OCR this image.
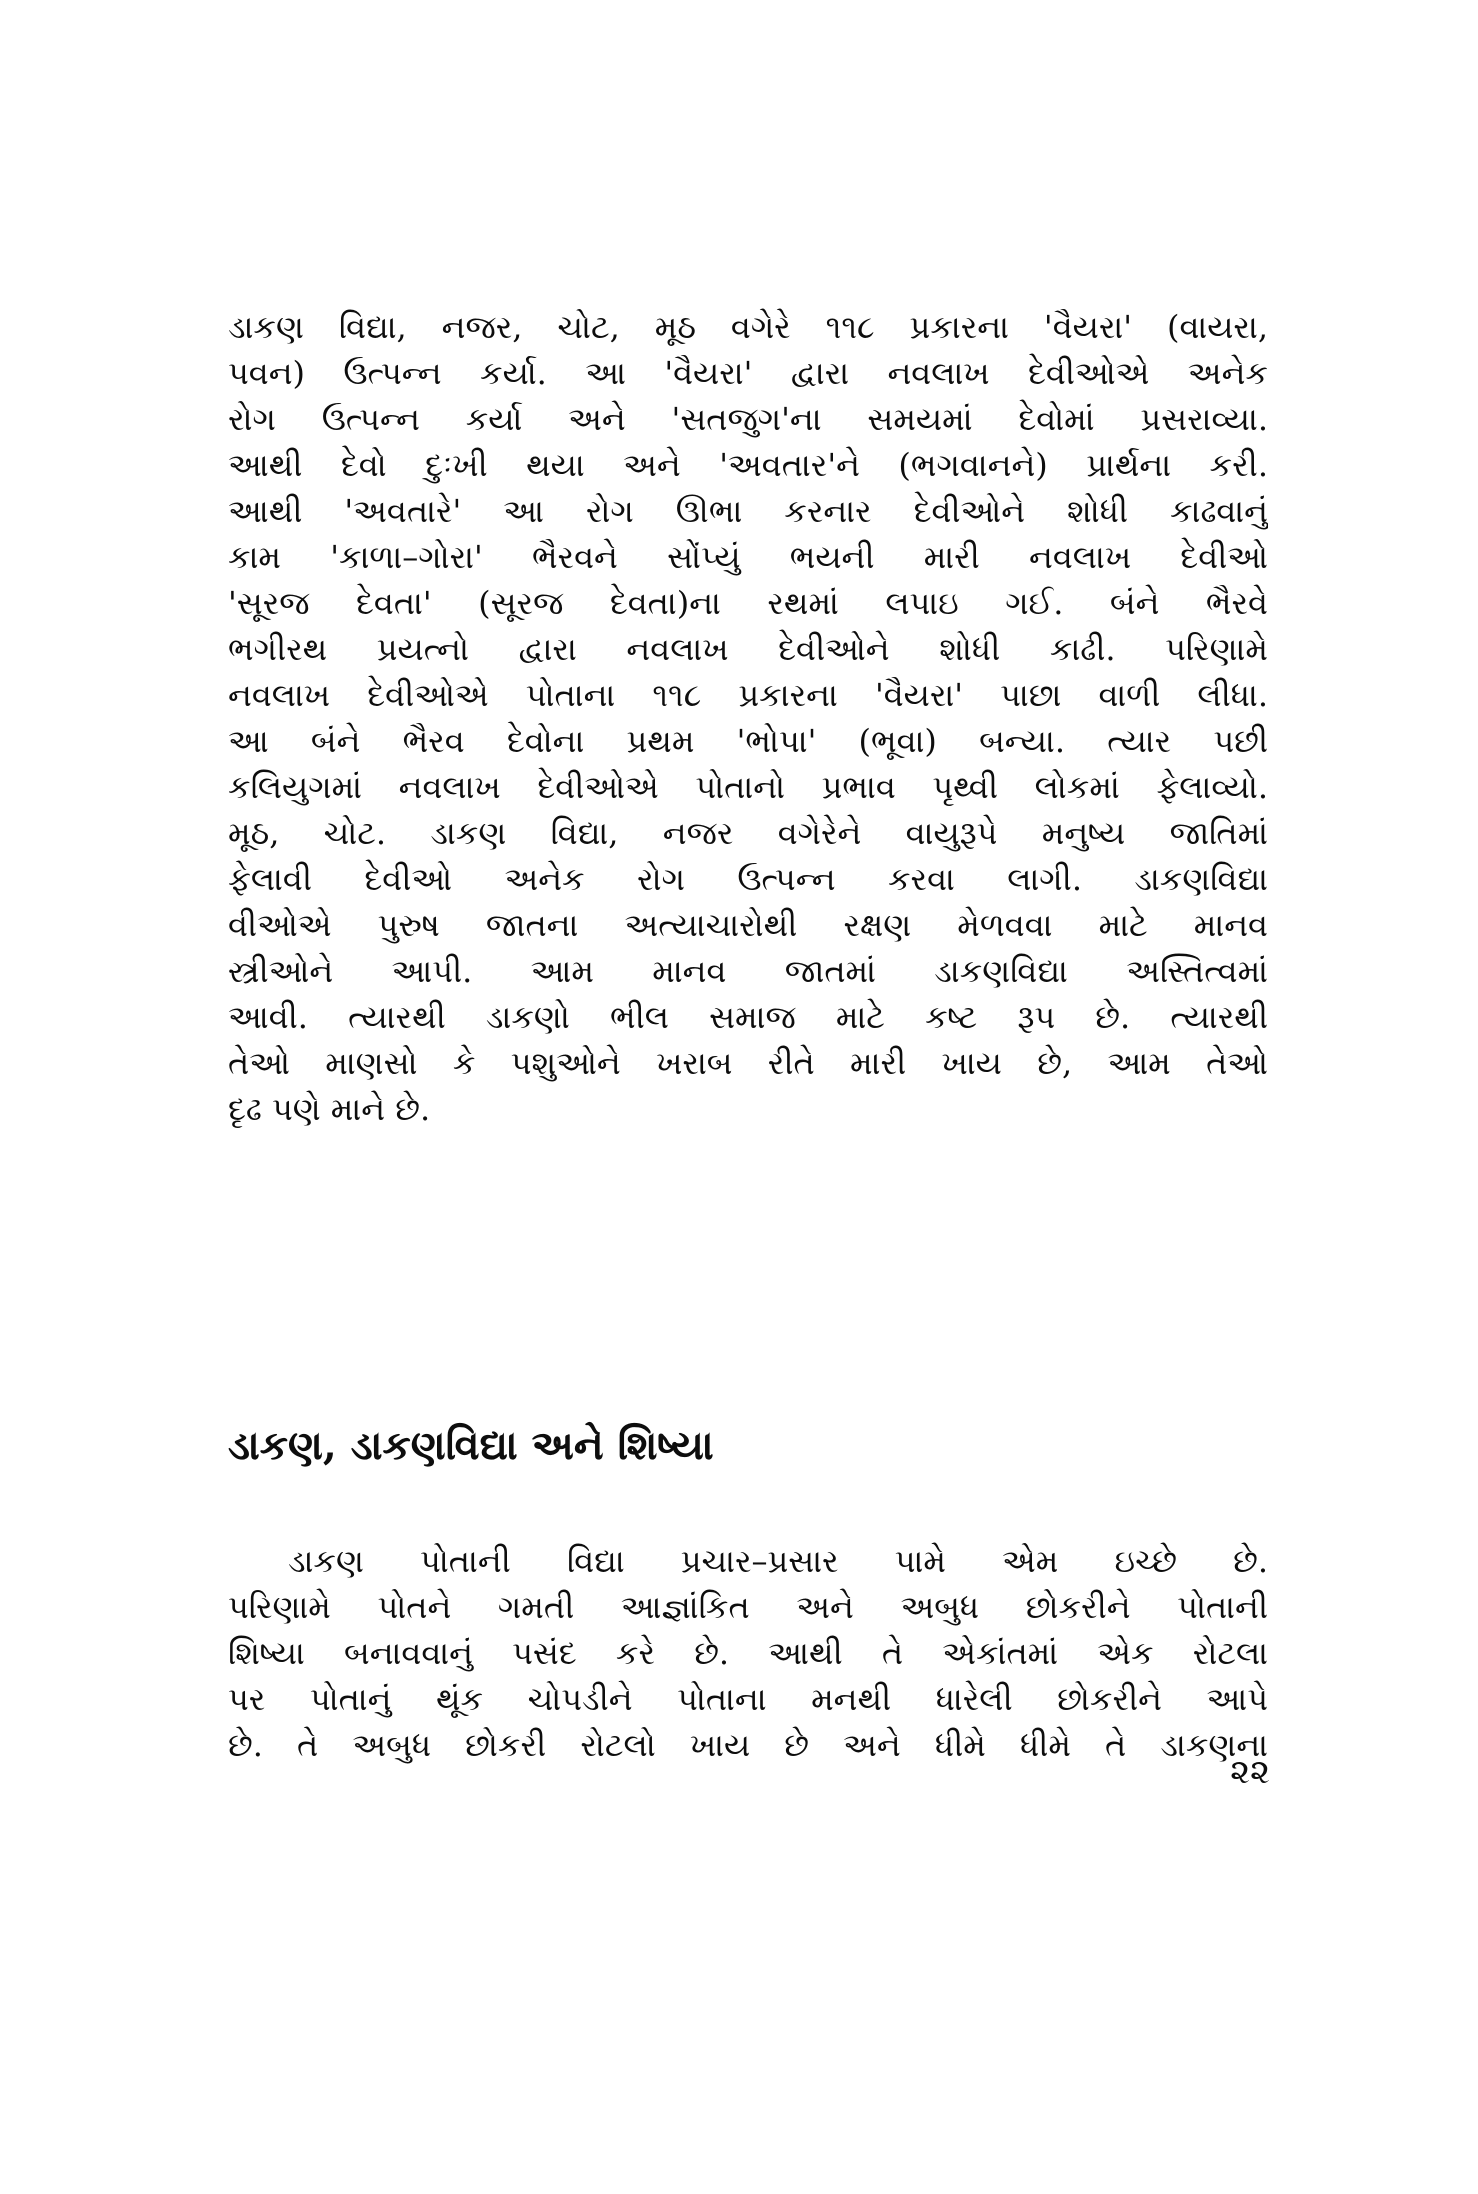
ડાકણ વિદ્યા, નજર, ચોટ, મૂઠ વગેરે ૧૧૮ પ્રકારના 'વૈયરા' (વાયરા,
પવન) ઉત્પન્ન કર્યા. આ 'વૈયરા' દ્વારા નવલાખ દેવીઓએ અનેક
રોગ ઉત્પન્ન કર્યા અને 'સતજુગ'ના સમયમાં દેવોમાં પ્રસરાવ્યા.
આથી દેવો દુઃખી થયા અને 'અવતાર'ને (ભગવાનને) પ્રાર્થના કરી.
આથી 'અવતારે' આ રોગ ઊભા કરનાર દેવીઓને શોધી કાઢવાનું
કામ 'કાળા–ગોરા' ભૈરવને સોંપ્યું ભયની મારી નવલાખ દેવીઓ
'સૂરજ દેવતા' (સૂરજ દેવતા)ના રથમાં લપાઇ ગઈ. બંને ભૈરવે
ભગીરથ પ્રયત્નો દ્વારા નવલાખ દેવીઓને શોધી કાઢી. પરિણામે
નવલાખ દેવીઓએ પોતાના ૧૧૮ પ્રકારના 'વૈયરા' પાછા વાળી લીધા.
આ બંને ભૈરવ દેવોના પ્રથમ 'ભોપા' (ભૂવા) બન્યા. ત્યાર પછી
કલિયુગમાં નવલાખ દેવીઓએ પોતાનો પ્રભાવ પૃથ્વી લોકમાં ફેલાવ્યો.
મૂઠ, ચોટ. ડાકણ વિદ્યા, નજર વગેરેને વાયુરૂપે મનુષ્ય જાતિમાં
ફેલાવી દેવીઓ અનેક રોગ ઉત્પન્ન કરવા લાગી. ડાકણવિદ્યા
વીઓએ પુરુષ જાતના અત્યાચારોથી રક્ષણ મેળવવા માટે માનવ
સ્ત્રીઓને આપી. આમ માનવ જાતમાં ડાકણવિદ્યા અસ્તિત્વમાં
આવી. ત્યારથી ડાકણો ભીલ સમાજ માટે કષ્ટ રૂપ છે. ત્યારથી
તેઓ માણસો કે પશુઓને ખરાબ રીતે મારી ખાય છે, આમ તેઓ
દૃઢ પણે માને છે.
ડાકણ, ડાકણવિદ્યા અને શિષ્યા
ડાકણ પોતાની વિદ્યા પ્રચાર–પ્રસાર પામે એમ ઇચ્છે છે.
પરિણામે પોતને ગમતી આજ્ઞાંકિત અને અબુધ છોકરીને પોતાની
શિષ્યા બનાવવાનું પસંદ કરે છે. આથી તે એકાંતમાં એક રોટલા
પર પોતાનું થૂંક ચોપડીને પોતાના મનથી ધારેલી છોકરીને આપે
છે. તે અબુધ છોકરી રોટલો ખાય છે અને ધીમે ધીમે તે ડાકણના
૨૨
